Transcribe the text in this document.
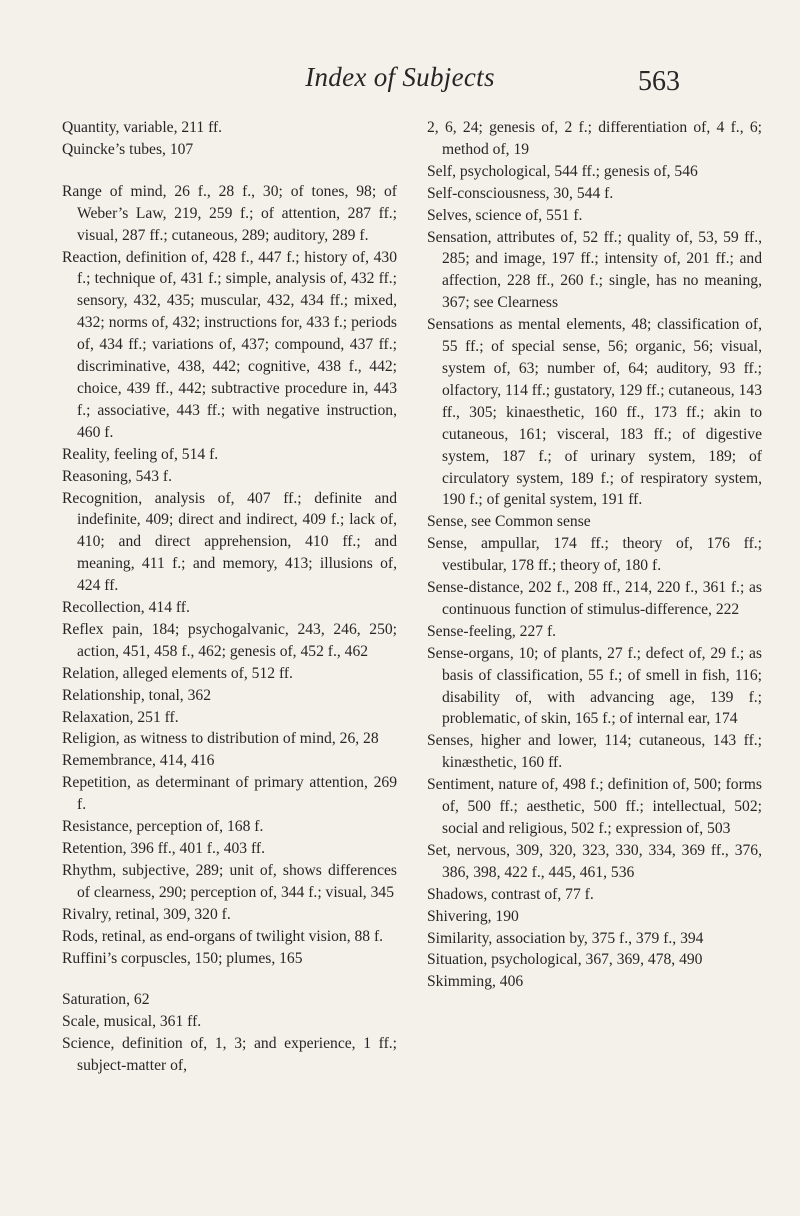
Index of Subjects	563
Quantity, variable, 211 ff.
Quincke’s tubes, 107
Range of mind, 26 f., 28 f., 30; of tones, 98; of Weber’s Law, 219, 259 f.; of attention, 287 ff.; visual, 287 ff.; cutaneous, 289; auditory, 289 f.
Reaction, definition of, 428 f., 447 f.; history of, 430 f.; technique of, 431 f.; simple, analysis of, 432 ff.; sensory, 432, 435; muscular, 432, 434 ff.; mixed, 432; norms of, 432; instructions for, 433 f.; periods of, 434 ff.; variations of, 437; compound, 437 ff.; discriminative, 438, 442; cognitive, 438 f., 442; choice, 439 ff., 442; subtractive procedure in, 443 f.; associative, 443 ff.; with negative instruction, 460 f.
Reality, feeling of, 514 f.
Reasoning, 543 f.
Recognition, analysis of, 407 ff.; definite and indefinite, 409; direct and indirect, 409 f.; lack of, 410; and direct apprehension, 410 ff.; and meaning, 411 f.; and memory, 413; illusions of, 424 ff.
Recollection, 414 ff.
Reflex pain, 184; psychogalvanic, 243, 246, 250; action, 451, 458 f., 462; genesis of, 452 f., 462
Relation, alleged elements of, 512 ff.
Relationship, tonal, 362
Relaxation, 251 ff.
Religion, as witness to distribution of mind, 26, 28
Remembrance, 414, 416
Repetition, as determinant of primary attention, 269 f.
Resistance, perception of, 168 f.
Retention, 396 ff., 401 f., 403 ff.
Rhythm, subjective, 289; unit of, shows differences of clearness, 290; perception of, 344 f.; visual, 345
Rivalry, retinal, 309, 320 f.
Rods, retinal, as end-organs of twilight vision, 88 f.
Ruffini’s corpuscles, 150; plumes, 165
Saturation, 62
Scale, musical, 361 ff.
Science, definition of, 1, 3; and experience, 1 ff.; subject-matter of,
2, 6, 24; genesis of, 2 f.; differentiation of, 4 f., 6; method of, 19
Self, psychological, 544 ff.; genesis of, 546
Self-consciousness, 30, 544 f.
Selves, science of, 551 f.
Sensation, attributes of, 52 ff.; quality of, 53, 59 ff., 285; and image, 197 ff.; intensity of, 201 ff.; and affection, 228 ff., 260 f.; single, has no meaning, 367; see Clearness
Sensations as mental elements, 48; classification of, 55 ff.; of special sense, 56; organic, 56; visual, system of, 63; number of, 64; auditory, 93 ff.; olfactory, 114 ff.; gustatory, 129 ff.; cutaneous, 143 ff., 305; kinaesthetic, 160 ff., 173 ff.; akin to cutaneous, 161; visceral, 183 ff.; of digestive system, 187 f.; of urinary system, 189; of circulatory system, 189 f.; of respiratory system, 190 f.; of genital system, 191 ff.
Sense, see Common sense
Sense, ampullar, 174 ff.; theory of, 176 ff.; vestibular, 178 ff.; theory of, 180 f.
Sense-distance, 202 f., 208 ff., 214, 220 f., 361 f.; as continuous function of stimulus-difference, 222
Sense-feeling, 227 f.
Sense-organs, 10; of plants, 27 f.; defect of, 29 f.; as basis of classification, 55 f.; of smell in fish, 116; disability of, with advancing age, 139 f.; problematic, of skin, 165 f.; of internal ear, 174
Senses, higher and lower, 114; cutaneous, 143 ff.; kinæsthetic, 160 ff.
Sentiment, nature of, 498 f.; definition of, 500; forms of, 500 ff.; aesthetic, 500 ff.; intellectual, 502; social and religious, 502 f.; expression of, 503
Set, nervous, 309, 320, 323, 330, 334, 369 ff., 376, 386, 398, 422 f., 445, 461, 536
Shadows, contrast of, 77 f.
Shivering, 190
Similarity, association by, 375 f., 379 f., 394
Situation, psychological, 367, 369, 478, 490
Skimming, 406
